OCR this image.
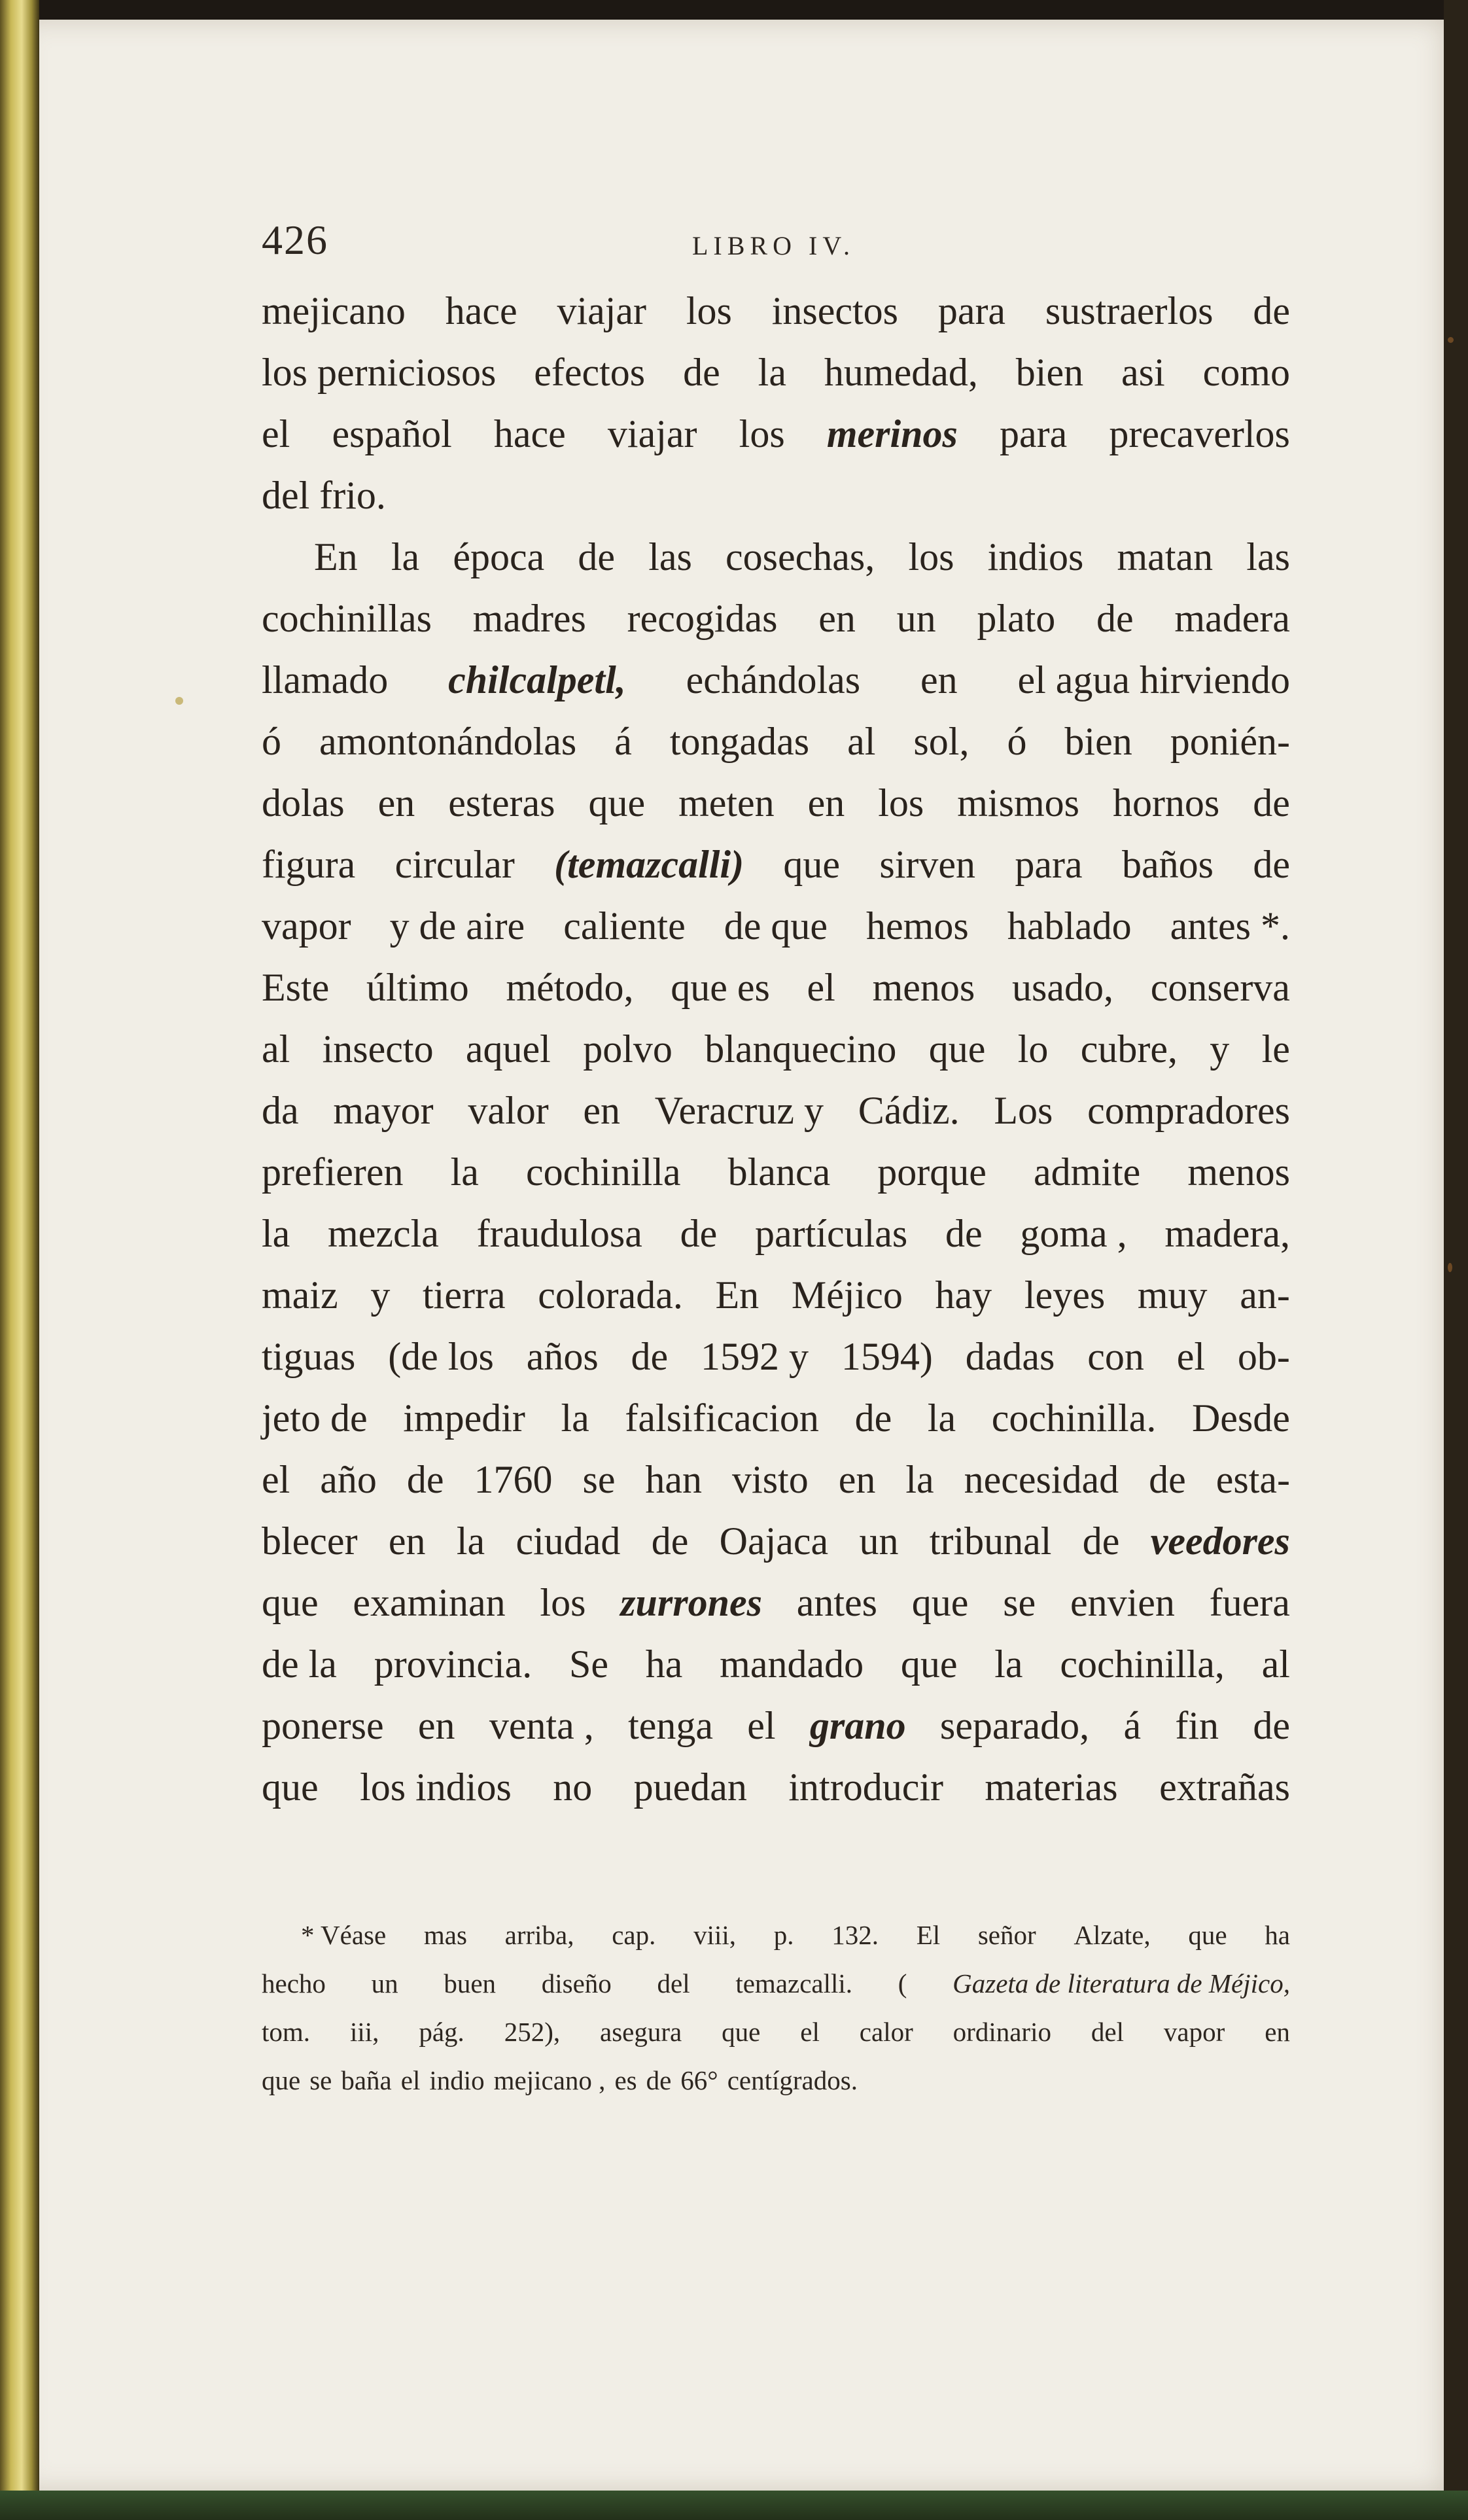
426	LIBRO IV.
mejicano hace viajar los insectos para sustraerlos de
los perniciosos efectos de la humedad, bien asi como
el español hace viajar los merinos para precaverlos
del frio.
En la época de las cosechas, los indios matan las
cochinillas madres recogidas en un plato de madera
llamado chilcalpetl, echándolas en el agua hirviendo
ó amontonándolas á tongadas al sol, ó bien ponién-
dolas en esteras que meten en los mismos hornos de
figura circular (temazcalli) que sirven para baños de
vapor y de aire caliente de que hemos hablado antes *.
Este último método, que es el menos usado, conserva
al insecto aquel polvo blanquecino que lo cubre, y le
da mayor valor en Veracruz y Cádiz. Los compradores
prefieren la cochinilla blanca porque admite menos
la mezcla fraudulosa de partículas de goma , madera,
maiz y tierra colorada. En Méjico hay leyes muy an-
tiguas (de los años de 1592 y 1594) dadas con el ob-
jeto de impedir la falsificacion de la cochinilla. Desde
el año de 1760 se han visto en la necesidad de esta-
blecer en la ciudad de Oajaca un tribunal de veedores
que examinan los zurrones antes que se envien fuera
de la provincia. Se ha mandado que la cochinilla, al
ponerse en venta , tenga el grano separado, á fin de
que los indios no puedan introducir materias extrañas
* Véase mas arriba, cap. viii, p. 132. El señor Alzate, que ha
hecho un buen diseño del temazcalli. ( Gazeta de literatura de Méjico,
tom. iii, pág. 252), asegura que el calor ordinario del vapor en
que se baña el indio mejicano , es de 66° centígrados.
